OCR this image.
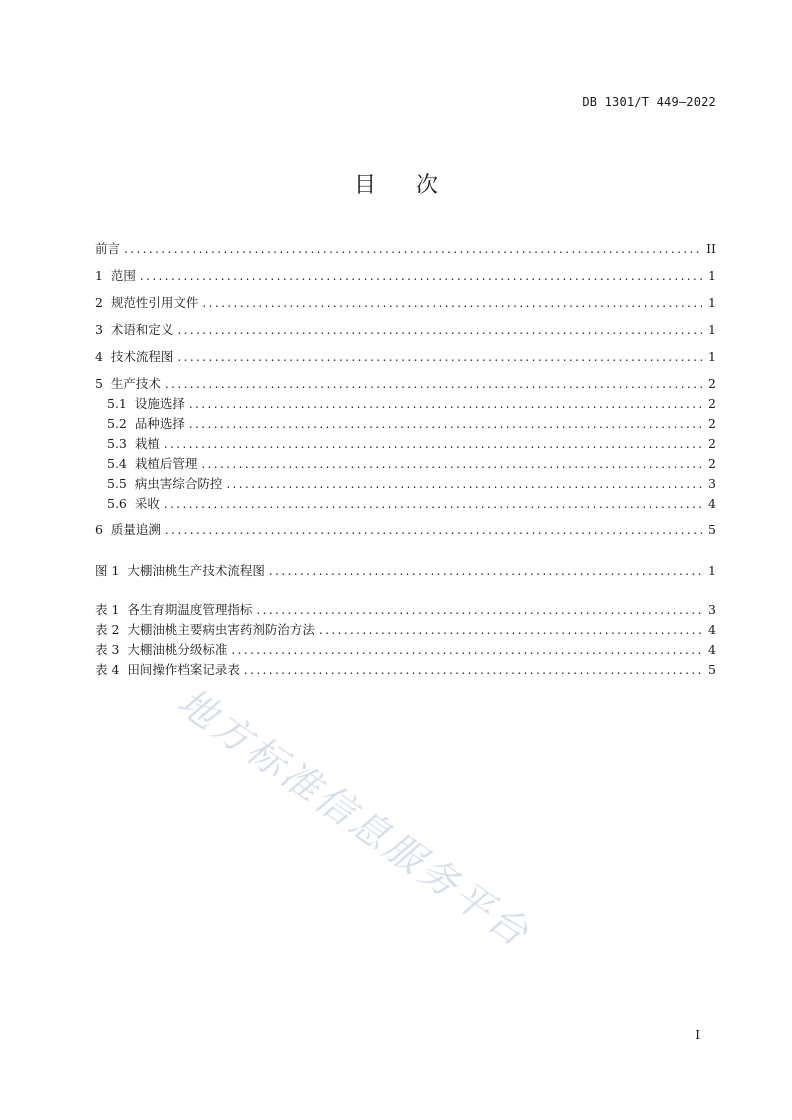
DB 1301/T 449—2022
目次
前言 .....	II
1 范围 .....	1
2 规范性引用文件 .....	1
3 术语和定义 .....	1
4 技术流程图 .....	1
5 生产技术 .....	2
5.1 设施选择 .....	2
5.2 品种选择 .....	2
5.3 栽植 .....	2
5.4 栽植后管理 .....	2
5.5 病虫害综合防控 .....	3
5.6 采收 .....	4
6 质量追溯 .....	5
图 1 大棚油桃生产技术流程图 .....	1
表 1 各生育期温度管理指标 .....	3
表 2 大棚油桃主要病虫害药剂防治方法 .....	4
表 3 大棚油桃分级标准 .....	4
表 4 田间操作档案记录表 .....	5
地方标准信息服务平台
I
